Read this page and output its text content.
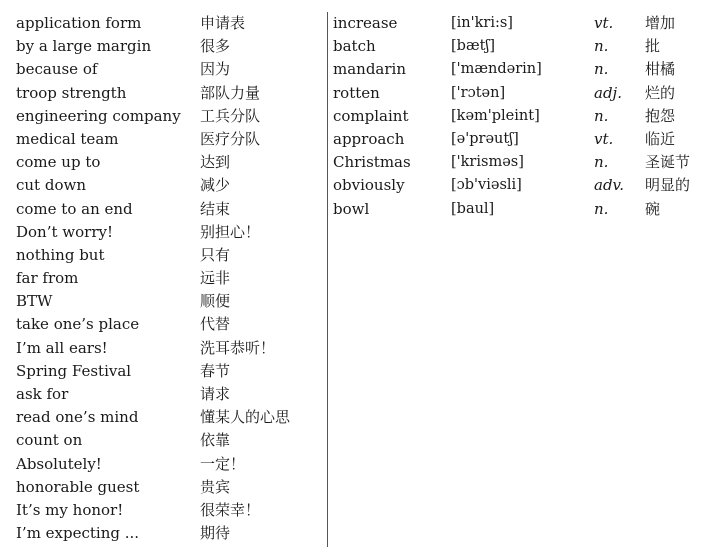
application form	申请表
by a large margin	很多
because of	因为
troop strength	部队力量
engineering company 工兵分队
medical team	医疗分队
come up to	达到
cut down	减少
come to an end	结束
Don’t worry!	别担心！
nothing but	只有
far from	远非
BTW	顺便
take one’s place	代替
I’m all ears!	洗耳恭听！
Spring Festival	春节
ask for	请求
read one’s mind	懂某人的心思
count on	依靠
Absolutely!	一定！
honorable guest	贵宾
It’s my honor!	很荣幸！
I’m expecting ...	期待
increase	[in'kri:s]	vt. 增加
batch	[bætʃ]	n. 批
mandarin	['mændərin]	n. 柑橘
rotten	['rɔtən]	adj. 烂的
complaint	[kəm'pleint]	n. 抱怨
approach	[ə'prəutʃ]	vt. 临近
Christmas	['krisməs]	n. 圣诞节
obviously	[ɔb'viəsli]	adv. 明显的
bowl	[baul]	n. 碗
